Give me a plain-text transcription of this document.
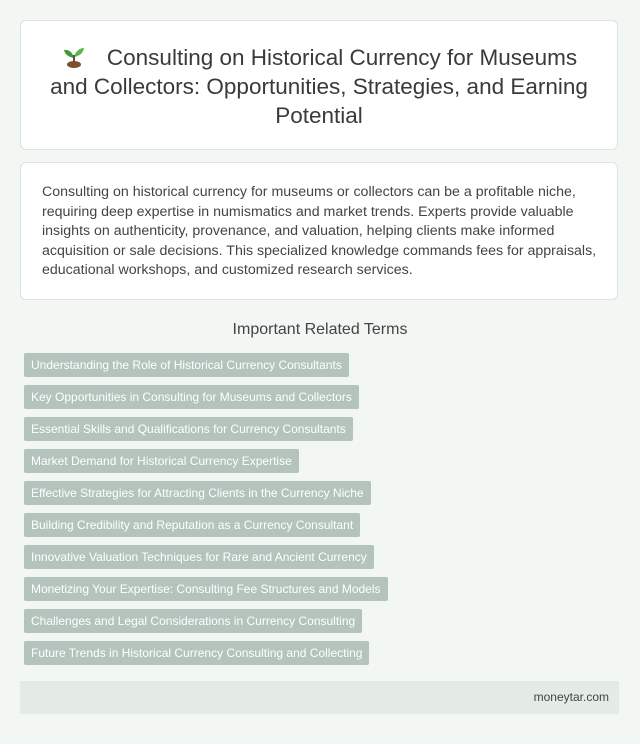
Consulting on Historical Currency for Museums and Collectors: Opportunities, Strategies, and Earning Potential

Consulting on historical currency for museums or collectors can be a profitable niche, requiring deep expertise in numismatics and market trends. Experts provide valuable insights on authenticity, provenance, and valuation, helping clients make informed acquisition or sale decisions. This specialized knowledge commands fees for appraisals, educational workshops, and customized research services.

Important Related Terms
Understanding the Role of Historical Currency Consultants
Key Opportunities in Consulting for Museums and Collectors
Essential Skills and Qualifications for Currency Consultants
Market Demand for Historical Currency Expertise
Effective Strategies for Attracting Clients in the Currency Niche
Building Credibility and Reputation as a Currency Consultant
Innovative Valuation Techniques for Rare and Ancient Currency
Monetizing Your Expertise: Consulting Fee Structures and Models
Challenges and Legal Considerations in Currency Consulting
Future Trends in Historical Currency Consulting and Collecting
moneytar.com
